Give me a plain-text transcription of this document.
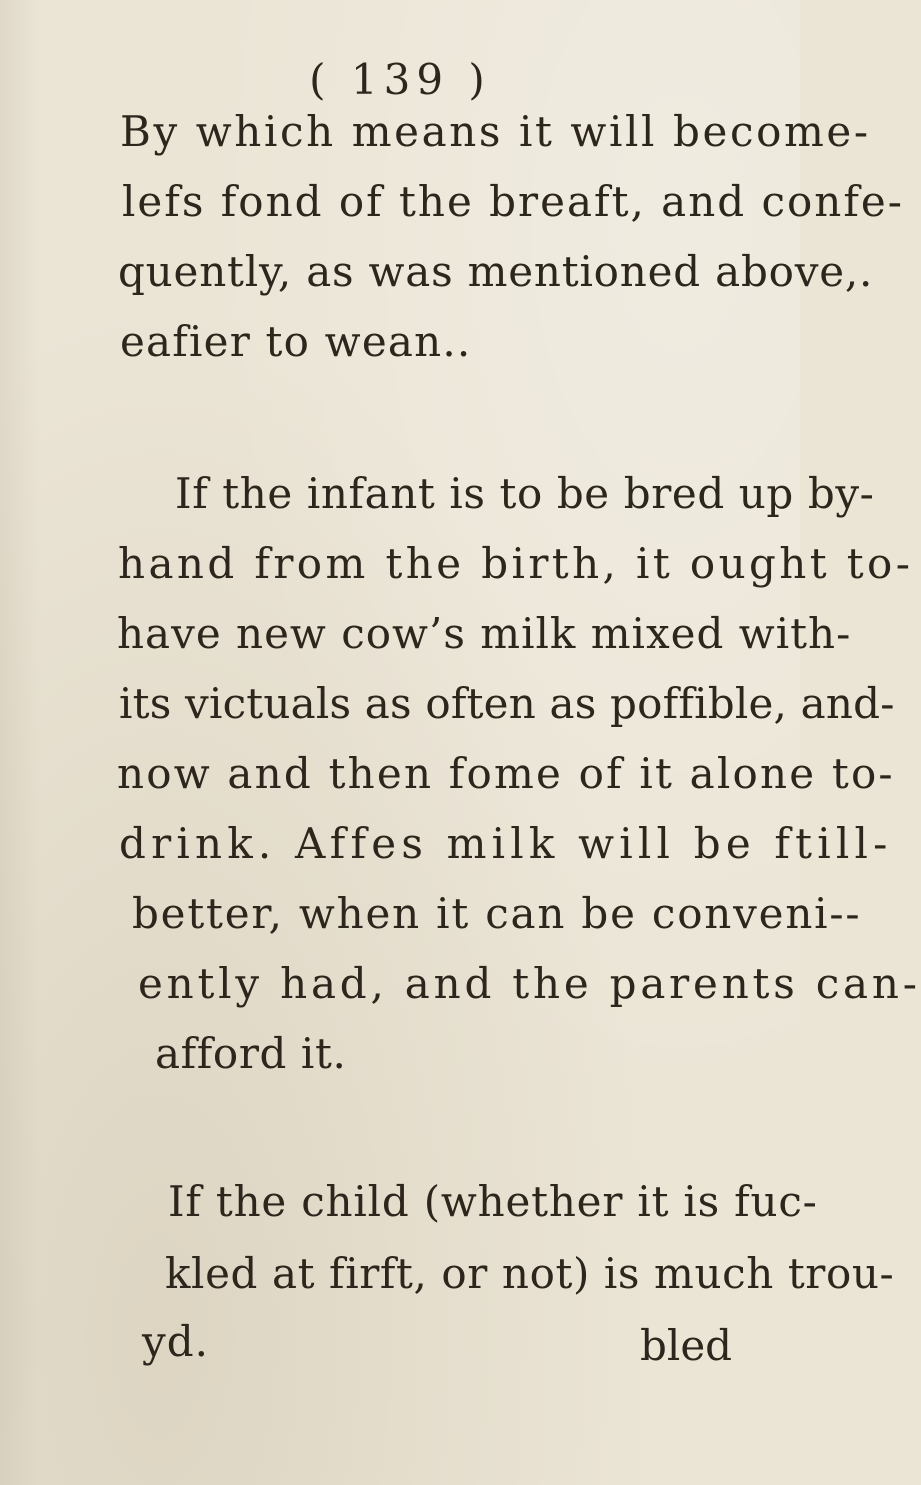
( 139 )
By which means it will become-
lefs fond of the breaft, and confe-
quently, as was mentioned above,.
eafier to wean..
If the infant is to be bred up by-
hand from the birth, it ought to-
have new cow’s milk mixed with-
its victuals as often as poffible, and-
now and then fome of it alone to-
drink. Affes milk will be ftill-
better, when it can be conveni--
ently had, and the parents can-
afford it.
If the child (whether it is fuc-
kled at firft, or not) is much trou-
yd.	bled
